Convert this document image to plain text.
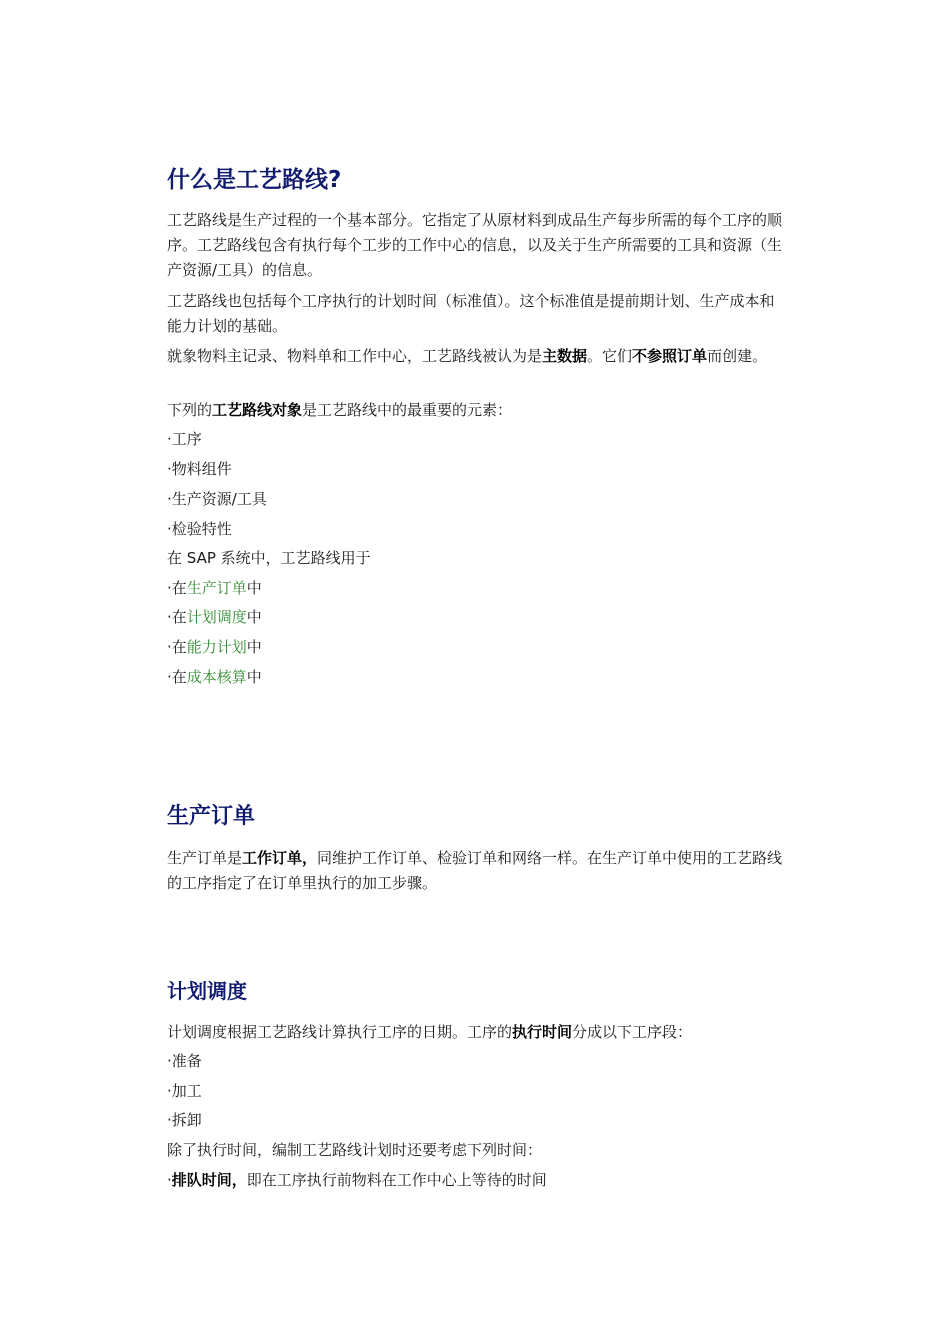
什么是工艺路线?

工艺路线是生产过程的一个基本部分。它指定了从原材料到成品生产每步所需的每个工序的顺序。工艺路线包含有执行每个工步的工作中心的信息，以及关于生产所需要的工具和资源（生产资源/工具）的信息。

工艺路线也包括每个工序执行的计划时间（标准值）。这个标准值是提前期计划、生产成本和能力计划的基础。

就象物料主记录、物料单和工作中心，工艺路线被认为是主数据。它们不参照订单而创建。

下列的工艺路线对象是工艺路线中的最重要的元素：

·工序

·物料组件

·生产资源/工具

·检验特性

在 SAP 系统中，工艺路线用于

·在生产订单中

·在计划调度中

·在能力计划中

·在成本核算中

生产订单

生产订单是工作订单，同维护工作订单、检验订单和网络一样。在生产订单中使用的工艺路线的工序指定了在订单里执行的加工步骤。

计划调度

计划调度根据工艺路线计算执行工序的日期。工序的执行时间分成以下工序段：

·准备

·加工

·拆卸

除了执行时间，编制工艺路线计划时还要考虑下列时间：

·排队时间，即在工序执行前物料在工作中心上等待的时间
